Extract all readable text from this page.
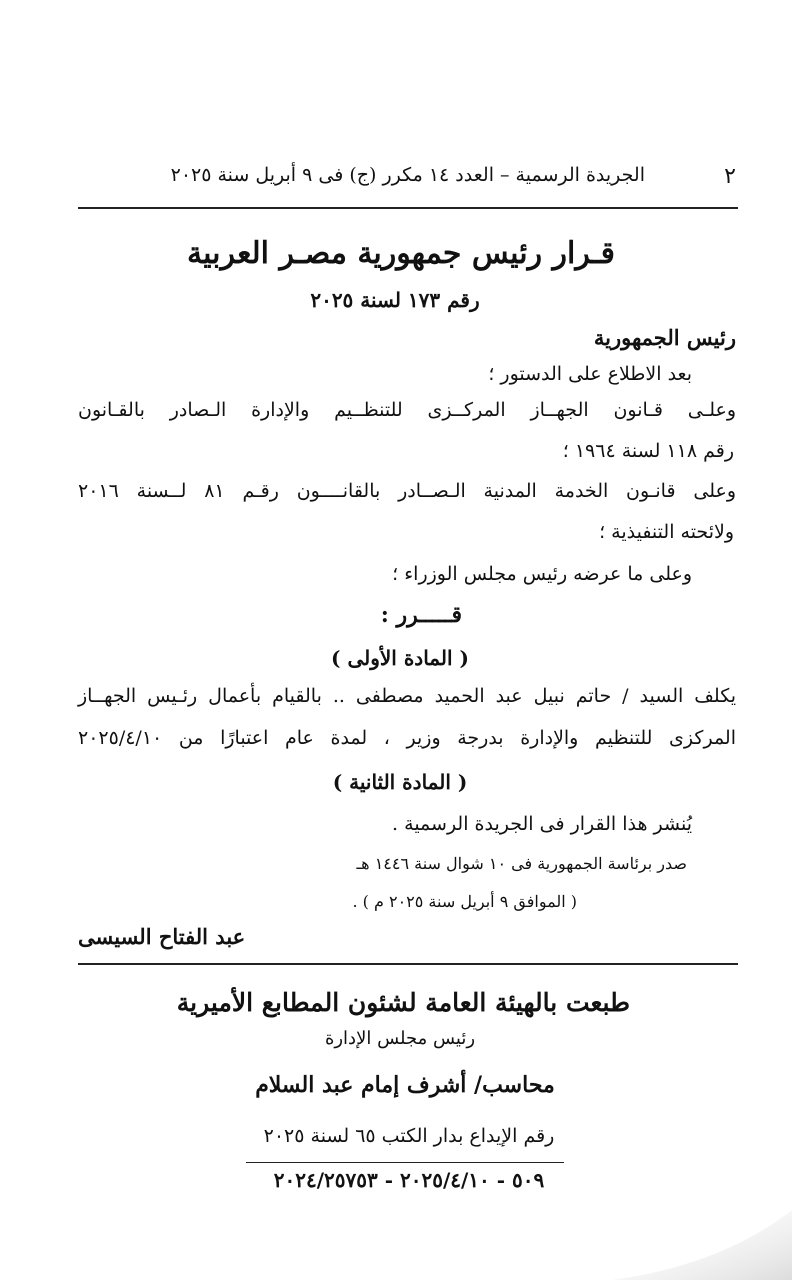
٢
الجريدة الرسمية – العدد ١٤ مكرر (ج) فى ٩ أبريل سنة ٢٠٢٥
قـرار رئيس جمهورية مصـر العربية
رقم ١٧٣ لسنة ٢٠٢٥
رئيس الجمهورية
بعد الاطلاع على الدستور ؛
وعلـى قـانون الجهــاز المركــزى للتنظــيم والإدارة الـصادر بالقـانون
رقم ١١٨ لسنة ١٩٦٤ ؛
وعلى قانـون الخدمة المدنية الـصــادر بالقانــــون رقـم ٨١ لــسنة ٢٠١٦
ولائحته التنفيذية ؛
وعلى ما عرضه رئيس مجلس الوزراء ؛
قـــــرر :
( المادة الأولى )
يكلف السيد / حاتم نبيل عبد الحميد مصطفى .. بالقيام بأعمال رئـيس الجهــاز
المركزى للتنظيم والإدارة بدرجة وزير ، لمدة عام اعتبارًا من ٢٠٢٥/٤/١٠
( المادة الثانية )
يُنشر هذا القرار فى الجريدة الرسمية .
صدر برئاسة الجمهورية فى ١٠ شوال سنة ١٤٤٦ هـ
( الموافق ٩ أبريل سنة ٢٠٢٥ م ) .
عبد الفتاح السيسى
طبعت بالهيئة العامة لشئون المطابع الأميرية
رئيس مجلس الإدارة
محاسب/ أشرف إمام عبد السلام
رقم الإيداع بدار الكتب ٦٥ لسنة ٢٠٢٥
٥٠٩ - ٢٠٢٥/٤/١٠ - ٢٠٢٤/٢٥٧٥٣
